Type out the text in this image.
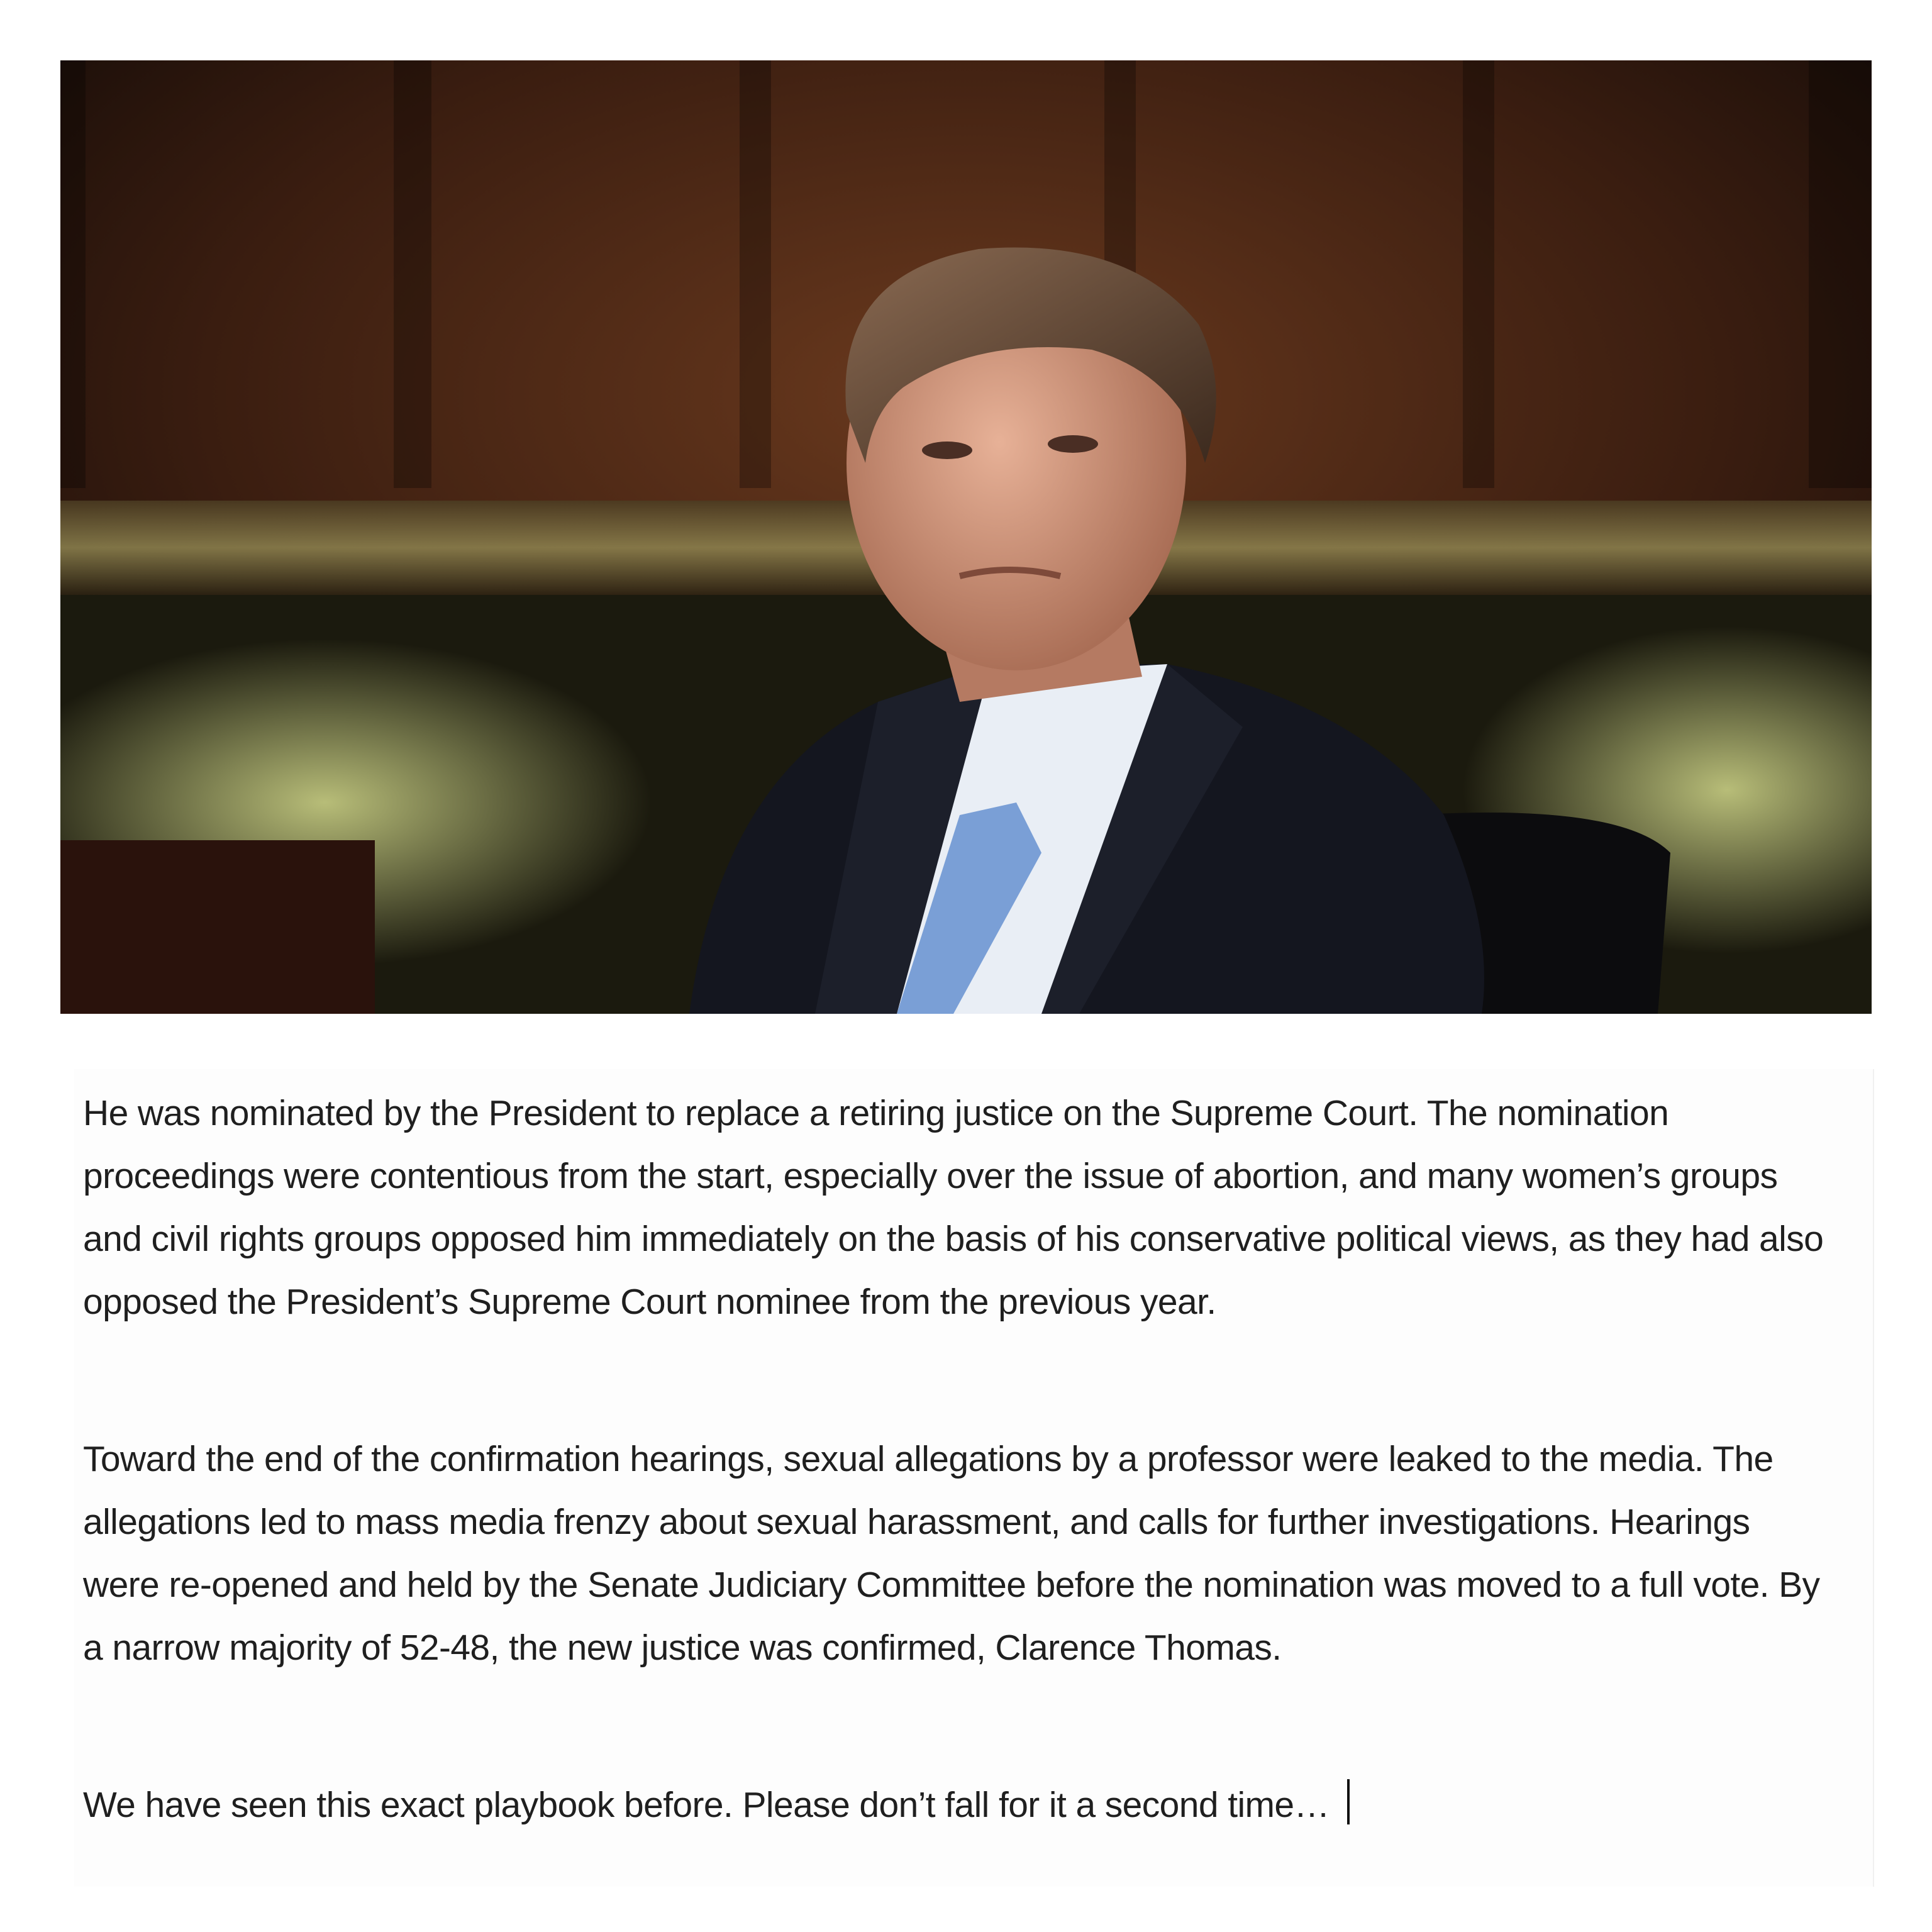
He was nominated by the President to replace a retiring justice on the Supreme Court. The nomination proceedings were contentious from the start, especially over the issue of abortion, and many women’s groups and civil rights groups opposed him immediately on the basis of his conservative political views, as they had also opposed the President’s Supreme Court nominee from the previous year.

Toward the end of the confirmation hearings, sexual allegations by a professor were leaked to the media. The allegations led to mass media frenzy about sexual harassment, and calls for further investigations. Hearings were re-opened and held by the Senate Judiciary Committee before the nomination was moved to a full vote. By a narrow majority of 52-48, the new justice was confirmed, Clarence Thomas.

We have seen this exact playbook before. Please don’t fall for it a second time…
